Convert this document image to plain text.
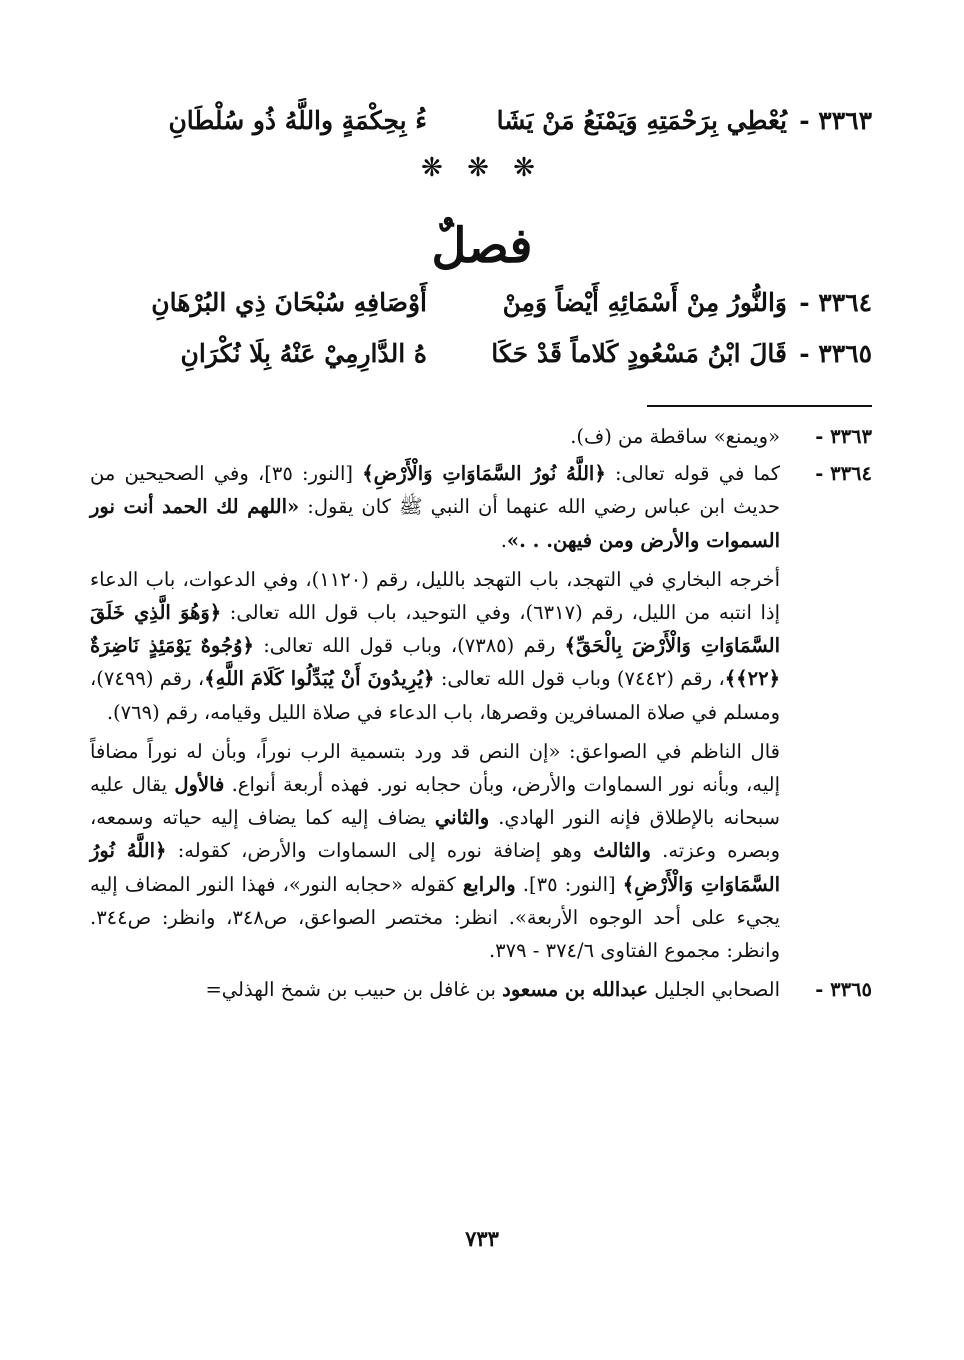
٣٣٦٣ -
يُعْطِي بِرَحْمَتِهِ وَيَمْنَعُ مَنْ يَشَا
ءُ بِحِكْمَةٍ واللَّهُ ذُو سُلْطَانِ
❋ ❋ ❋
فصلٌ
٣٣٦٤ -
وَالنُّورُ مِنْ أَسْمَائِهِ أَيْضاً وَمِنْ
أَوْصَافِهِ سُبْحَانَ ذِي البُرْهَانِ
٣٣٦٥ -
قَالَ ابْنُ مَسْعُودٍ كَلاماً قَدْ حَكَا
هُ الدَّارِمِيْ عَنْهُ بِلَا نُكْرَانِ
٣٣٦٣ -
«ويمنع» ساقطة من (ف).
٣٣٦٤ -
كما في قوله تعالى: ﴿اللَّهُ نُورُ السَّمَاوَاتِ وَالْأَرْضِ﴾ [النور: ٣٥]، وفي الصحيحين من حديث ابن عباس رضي الله عنهما أن النبي ﷺ كان يقول: «اللهم لك الحمد أنت نور السموات والأرض ومن فيهن. . .».
أخرجه البخاري في التهجد، باب التهجد بالليل، رقم (١١٢٠)، وفي الدعوات، باب الدعاء إذا انتبه من الليل، رقم (٦٣١٧)، وفي التوحيد، باب قول الله تعالى: ﴿وَهُوَ الَّذِي خَلَقَ السَّمَاوَاتِ وَالْأَرْضَ بِالْحَقِّ﴾ رقم (٧٣٨٥)، وباب قول الله تعالى: ﴿وُجُوهٌ يَوْمَئِذٍ نَاضِرَةٌ ﴿٢٢﴾﴾، رقم (٧٤٤٢) وباب قول الله تعالى: ﴿يُرِيدُونَ أَنْ يُبَدِّلُوا كَلَامَ اللَّهِ﴾، رقم (٧٤٩٩)، ومسلم في صلاة المسافرين وقصرها، باب الدعاء في صلاة الليل وقيامه، رقم (٧٦٩).
قال الناظم في الصواعق: «إن النص قد ورد بتسمية الرب نوراً، وبأن له نوراً مضافاً إليه، وبأنه نور السماوات والأرض، وبأن حجابه نور. فهذه أربعة أنواع. فالأول يقال عليه سبحانه بالإطلاق فإنه النور الهادي. والثاني يضاف إليه كما يضاف إليه حياته وسمعه، وبصره وعزته. والثالث وهو إضافة نوره إلى السماوات والأرض، كقوله: ﴿اللَّهُ نُورُ السَّمَاوَاتِ وَالْأَرْضِ﴾ [النور: ٣٥]. والرابع كقوله «حجابه النور»، فهذا النور المضاف إليه يجيء على أحد الوجوه الأربعة». انظر: مختصر الصواعق، ص٣٤٨، وانظر: ص٣٤٤. وانظر: مجموع الفتاوى ٣٧٤/٦ - ٣٧٩.
٣٣٦٥ -
الصحابي الجليل عبدالله بن مسعود بن غافل بن حبيب بن شمخ الهذلي=
٧٣٣
